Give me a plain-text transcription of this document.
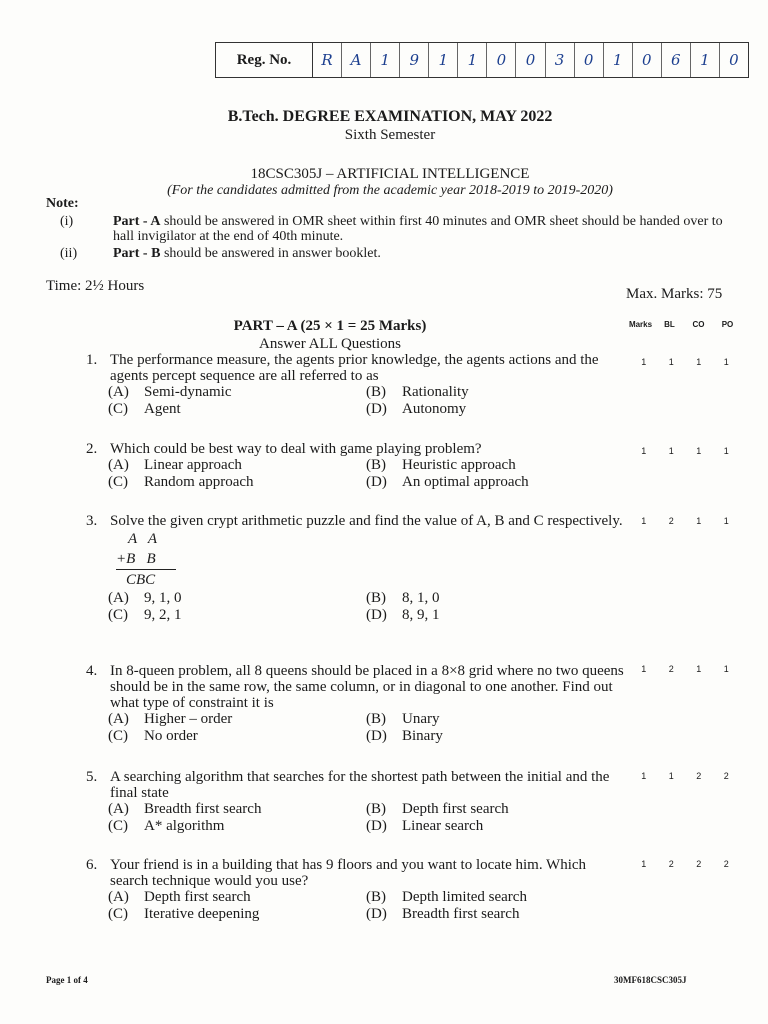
Reg. No.	R	A	1	9	1	1	0	0	3	0	1	0	6	1	0
B.Tech. DEGREE EXAMINATION, MAY 2022
Sixth Semester
18CSC305J – ARTIFICIAL INTELLIGENCE
(For the candidates admitted from the academic year 2018-2019 to 2019-2020)
Note:
(i)	Part - A should be answered in OMR sheet within first 40 minutes and OMR sheet should be handed over to hall invigilator at the end of 40th minute.
(ii)	Part - B should be answered in answer booklet.
Time: 2½ Hours	Max. Marks: 75
PART – A (25 × 1 = 25 Marks)
Answer ALL Questions
Marks	BL	CO	PO
1. The performance measure, the agents prior knowledge, the agents actions and the agents percept sequence are all referred to as
(A)	Semi-dynamic	(B)	Rationality
(C)	Agent	(D)	Autonomy
1	1	1	1
2. Which could be best way to deal with game playing problem?
(A)	Linear approach	(B)	Heuristic approach
(C)	Random approach	(D)	An optimal approach
1	1	1	1
3. Solve the given crypt arithmetic puzzle and find the value of A, B and C respectively.
A   A
+B   B
CBC
(A)	9, 1, 0	(B)	8, 1, 0
(C)	9, 2, 1	(D)	8, 9, 1
1	2	1	1
4. In 8-queen problem, all 8 queens should be placed in a 8×8 grid where no two queens should be in the same row, the same column, or in diagonal to one another. Find out what type of constraint it is
(A)	Higher – order	(B)	Unary
(C)	No order	(D)	Binary
1	2	1	1
5. A searching algorithm that searches for the shortest path between the initial and the final state
(A)	Breadth first search	(B)	Depth first search
(C)	A* algorithm	(D)	Linear search
1	1	2	2
6. Your friend is in a building that has 9 floors and you want to locate him. Which search technique would you use?
(A)	Depth first search	(B)	Depth limited search
(C)	Iterative deepening	(D)	Breadth first search
1	2	2	2
Page 1 of 4	30MF618CSC305J
